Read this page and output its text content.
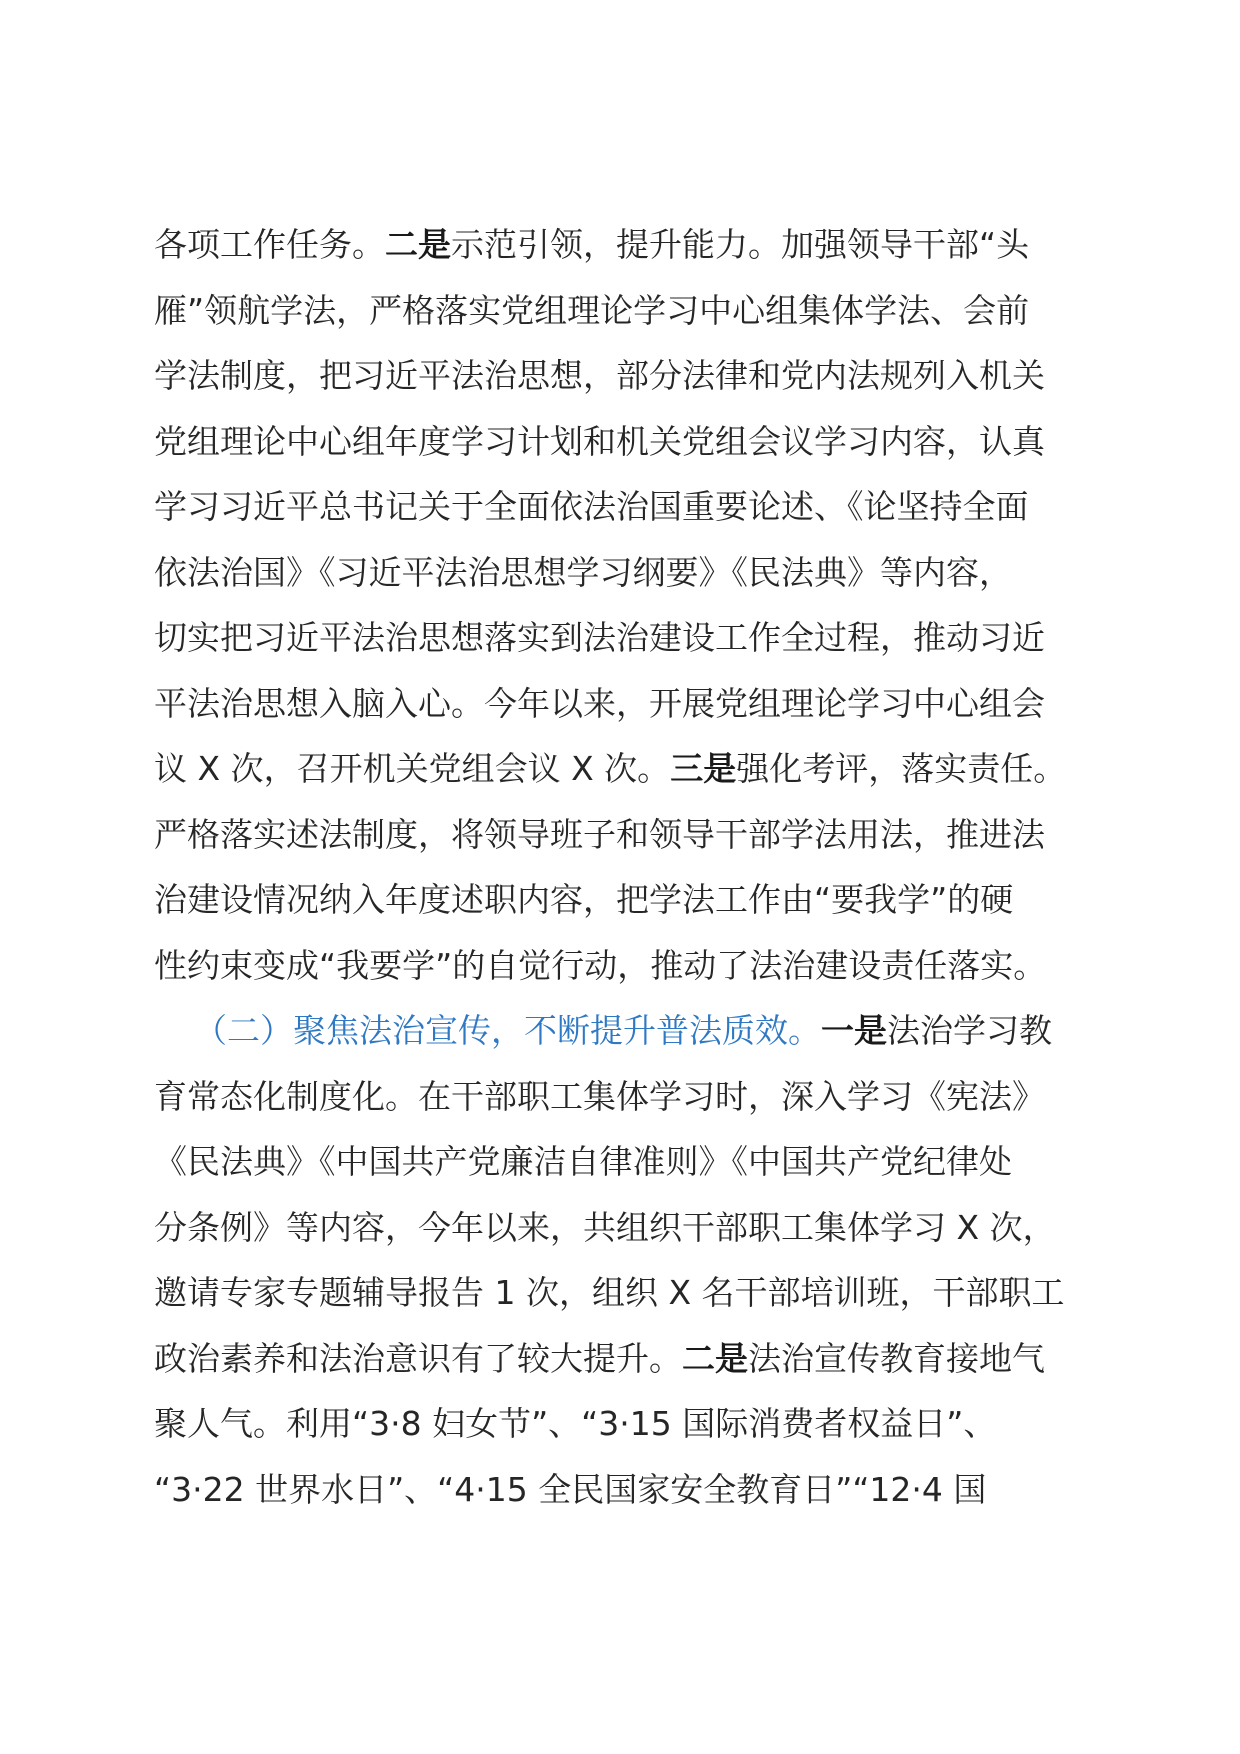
各项工作任务。二是示范引领，提升能力。加强领导干部“头
雁”领航学法，严格落实党组理论学习中心组集体学法、会前
学法制度，把习近平法治思想，部分法律和党内法规列入机关
党组理论中心组年度学习计划和机关党组会议学习内容，认真
学习习近平总书记关于全面依法治国重要论述、《论坚持全面
依法治国》《习近平法治思想学习纲要》《民法典》等内容，
切实把习近平法治思想落实到法治建设工作全过程，推动习近
平法治思想入脑入心。今年以来，开展党组理论学习中心组会
议 X 次，召开机关党组会议 X 次。三是强化考评，落实责任。
严格落实述法制度，将领导班子和领导干部学法用法，推进法
治建设情况纳入年度述职内容，把学法工作由“要我学”的硬
性约束变成“我要学”的自觉行动，推动了法治建设责任落实。
（二）聚焦法治宣传，不断提升普法质效。一是法治学习教
育常态化制度化。在干部职工集体学习时，深入学习《宪法》
《民法典》《中国共产党廉洁自律准则》《中国共产党纪律处
分条例》等内容，今年以来，共组织干部职工集体学习 X 次，
邀请专家专题辅导报告 1 次，组织 X 名干部培训班，干部职工
政治素养和法治意识有了较大提升。二是法治宣传教育接地气
聚人气。利用“3·8 妇女节”、“3·15 国际消费者权益日”、
“3·22 世界水日”、“4·15 全民国家安全教育日”“12·4 国
